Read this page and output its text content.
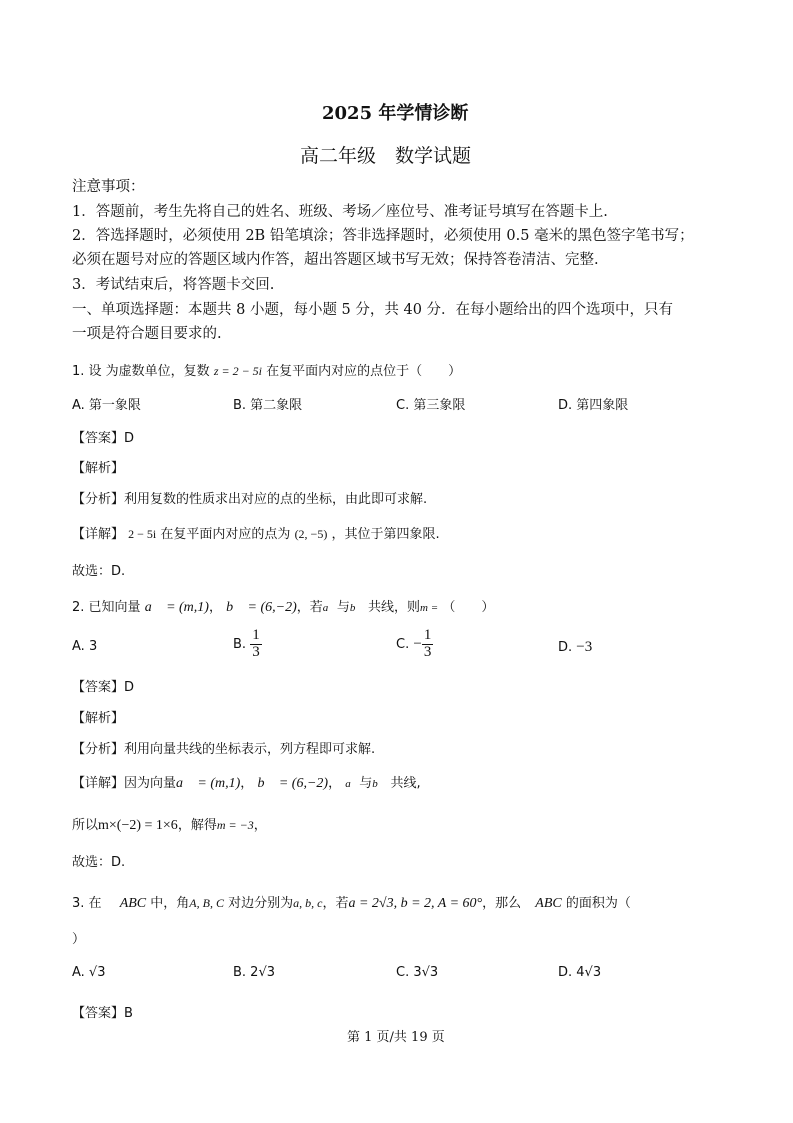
2025 年学情诊断
高二年级　数学试题
注意事项：
1．答题前，考生先将自己的姓名、班级、考场／座位号、准考证号填写在答题卡上.
2．答选择题时，必须使用 2B 铅笔填涂；答非选择题时，必须使用 0.5 毫米的黑色签字笔书写；
必须在题号对应的答题区域内作答，超出答题区域书写无效；保持答卷清洁、完整.
3．考试结束后，将答题卡交回.
一、单项选择题：本题共 8 小题，每小题 5 分，共 40 分．在每小题给出的四个选项中，只有
一项是符合题目要求的.
1. 设 为虚数单位，复数 z = 2 − 5i 在复平面内对应的点位于（　　）
A. 第一象限	B. 第二象限	C. 第三象限	D. 第四象限
【答案】D
【解析】
【分析】利用复数的性质求出对应的点的坐标，由此即可求解.
【详解】 2 − 5i 在复平面内对应的点为 (2, −5) ，其位于第四象限.
故选：D.
2. 已知向量 a⃗ = (m,1)， b⃗ = (6,−2)，若a⃗与b⃗ 共线，则m = （　　）
A. 3	B. $\frac{1}{3}$	C. − $\frac{1}{3}$	D. −3
【答案】D
【解析】
【分析】利用向量共线的坐标表示，列方程即可求解.
【详解】因为向量a⃗ = (m,1)， b⃗ = (6,−2)， a⃗与b⃗ 共线,
所以m×(−2) = 1×6，解得m = −3，
故选：D.
3. 在 ABC 中，角A, B, C 对边分别为a, b, c，若a = 2√3, b = 2, A = 60°，那么 ABC 的面积为（
）
A. √3	B. 2√3	C. 3√3	D. 4√3
【答案】B
第 1 页/共 19 页
